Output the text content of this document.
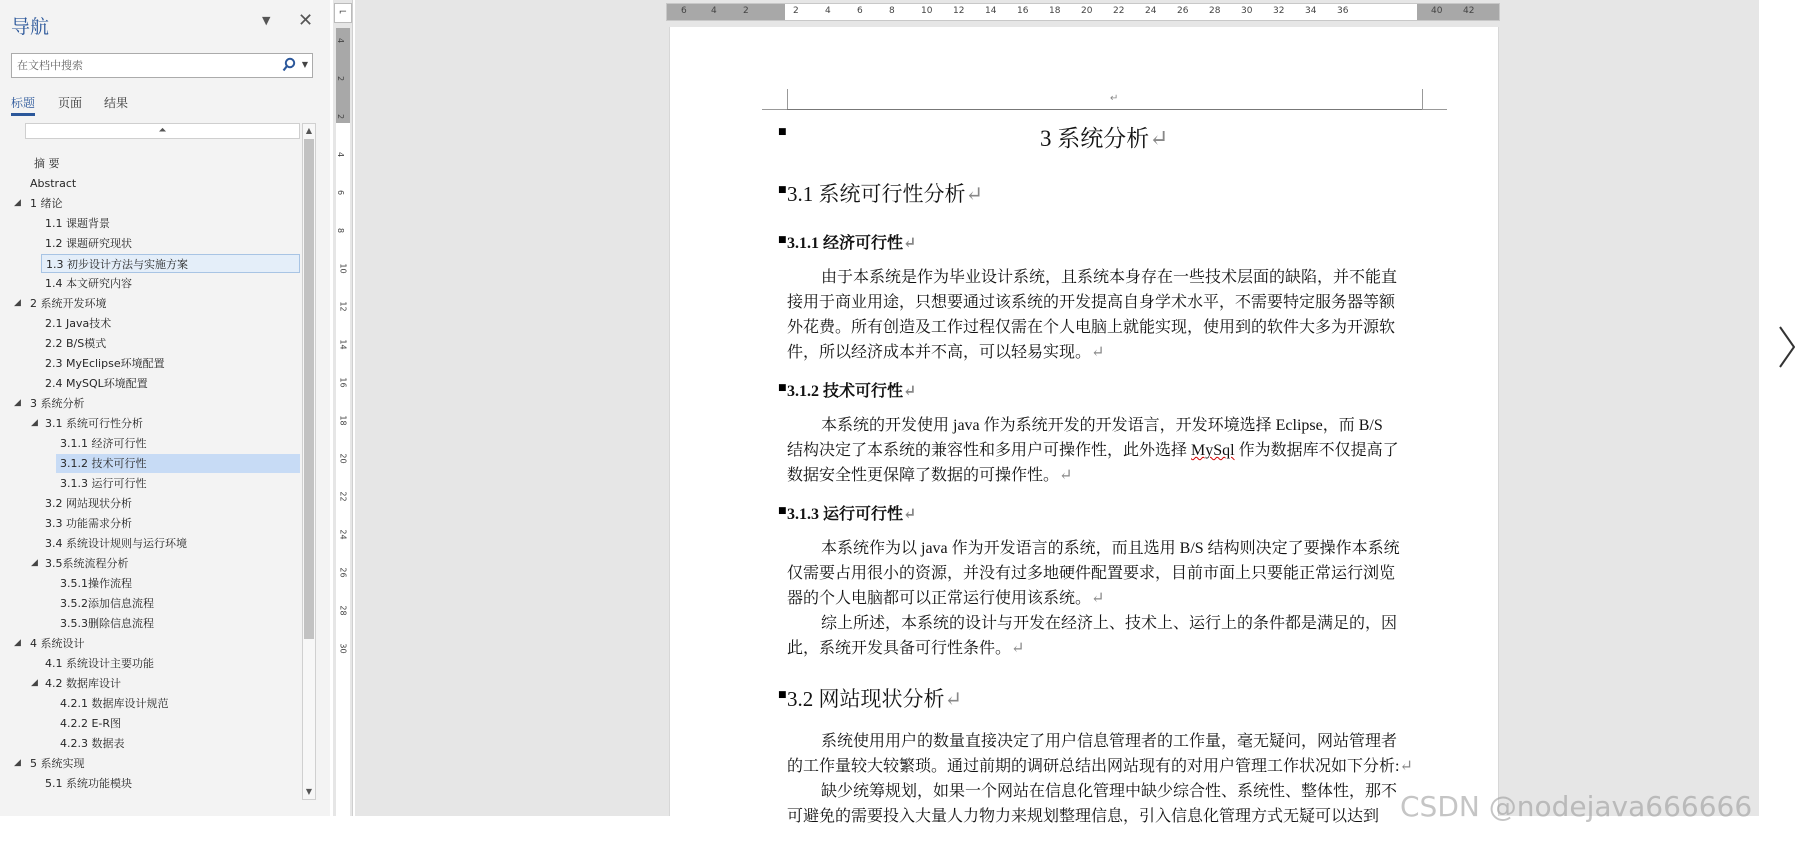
导航	▼ ✕
在文档中搜索
▼
标题 页面 结果
⏶
摘 要
Abstract
◢ 1 绪论
1.1 课题背景
1.2 课题研究现状
1.3 初步设计方法与实施方案
1.4 本文研究内容
◢ 2 系统开发环境
2.1 Java技术
2.2 B/S模式
2.3 MyEclipse环境配置
2.4 MySQL环境配置
◢ 3 系统分析
◢ 3.1 系统可行性分析
3.1.1 经济可行性
3.1.2 技术可行性
3.1.3 运行可行性
3.2 网站现状分析
3.3 功能需求分析
3.4 系统设计规则与运行环境
◢ 3.5系统流程分析
3.5.1操作流程
3.5.2添加信息流程
3.5.3删除信息流程
◢ 4 系统设计
4.1 系统设计主要功能
◢ 4.2 数据库设计
4.2.1 数据库设计规范
4.2.2 E-R图
4.2.3 数据表
◢ 5 系统实现
5.1 系统功能模块
▲
▼
⌐
4
2
2
4
6
8
10
12
14
16
18
20
22
24
26
28
30
6	4	2	2	4	6	8	10 12 14 16 18 20 22 24 26 28 30 32 34 36	40 42
↵
■	3 系统分析↵
■ 3.1 系统可行性分析↵
■ 3.1.1 经济可行性↵
由于本系统是作为毕业设计系统，且系统本身存在一些技术层面的缺陷，并不能直
接用于商业用途，只想要通过该系统的开发提高自身学术水平，不需要特定服务器等额
外花费。所有创造及工作过程仅需在个人电脑上就能实现，使用到的软件大多为开源软
件，所以经济成本并不高，可以轻易实现。↵
■ 3.1.2 技术可行性↵
本系统的开发使用 java 作为系统开发的开发语言，开发环境选择 Eclipse，而 B/S
结构决定了本系统的兼容性和多用户可操作性，此外选择 MySql 作为数据库不仅提高了
数据安全性更保障了数据的可操作性。↵
■ 3.1.3 运行可行性↵
本系统作为以 java 作为开发语言的系统，而且选用 B/S 结构则决定了要操作本系统
仅需要占用很小的资源，并没有过多地硬件配置要求，目前市面上只要能正常运行浏览
器的个人电脑都可以正常运行使用该系统。↵
综上所述，本系统的设计与开发在经济上、技术上、运行上的条件都是满足的，因
此，系统开发具备可行性条件。↵
■ 3.2 网站现状分析↵
系统使用用户的数量直接决定了用户信息管理者的工作量，毫无疑问，网站管理者
的工作量较大较繁琐。通过前期的调研总结出网站现有的对用户管理工作状况如下分析:↵
缺少统筹规划，如果一个网站在信息化管理中缺少综合性、系统性、整体性，那不
可避免的需要投入大量人力物力来规划整理信息，引入信息化管理方式无疑可以达到 CSDN @nodejava666666
